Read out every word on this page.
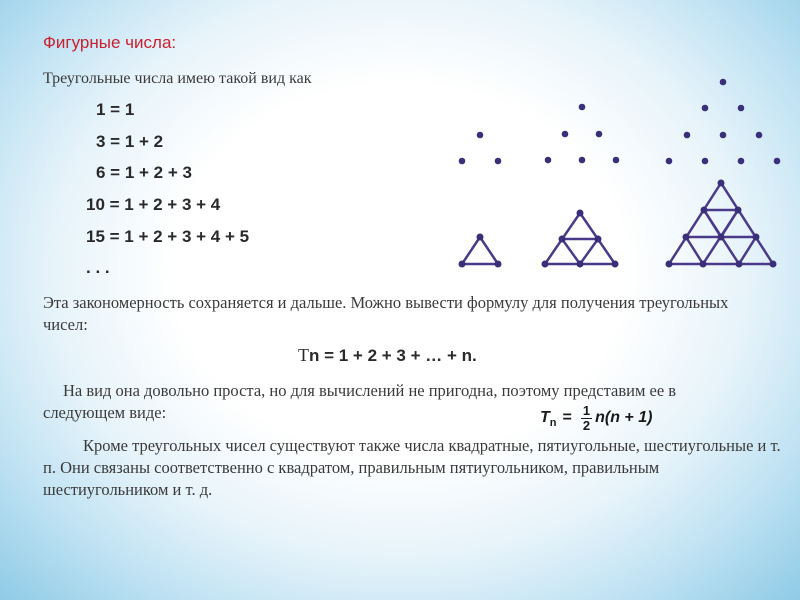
Фигурные числа:
Треугольные числа имею такой вид как
1 = 1
3 = 1 + 2
6 = 1 + 2 + 3
10 = 1 + 2 + 3 + 4
15 = 1 + 2 + 3 + 4 + 5
. . .
Эта закономерность сохраняется и дальше. Можно вывести формулу для получения треугольных чисел:
Tn = 1 + 2 + 3 + … + n.
На вид она довольно проста, но для вычислений не пригодна, поэтому представим ее в следующем виде:	T $n = \frac{1}{2} n(n + 1)$
Кроме треугольных чисел существуют также числа квадратные, пятиугольные, шестиугольные и т. п. Они связаны соответственно с квадратом, правильным пятиугольником, правильным шестиугольником и т. д.
